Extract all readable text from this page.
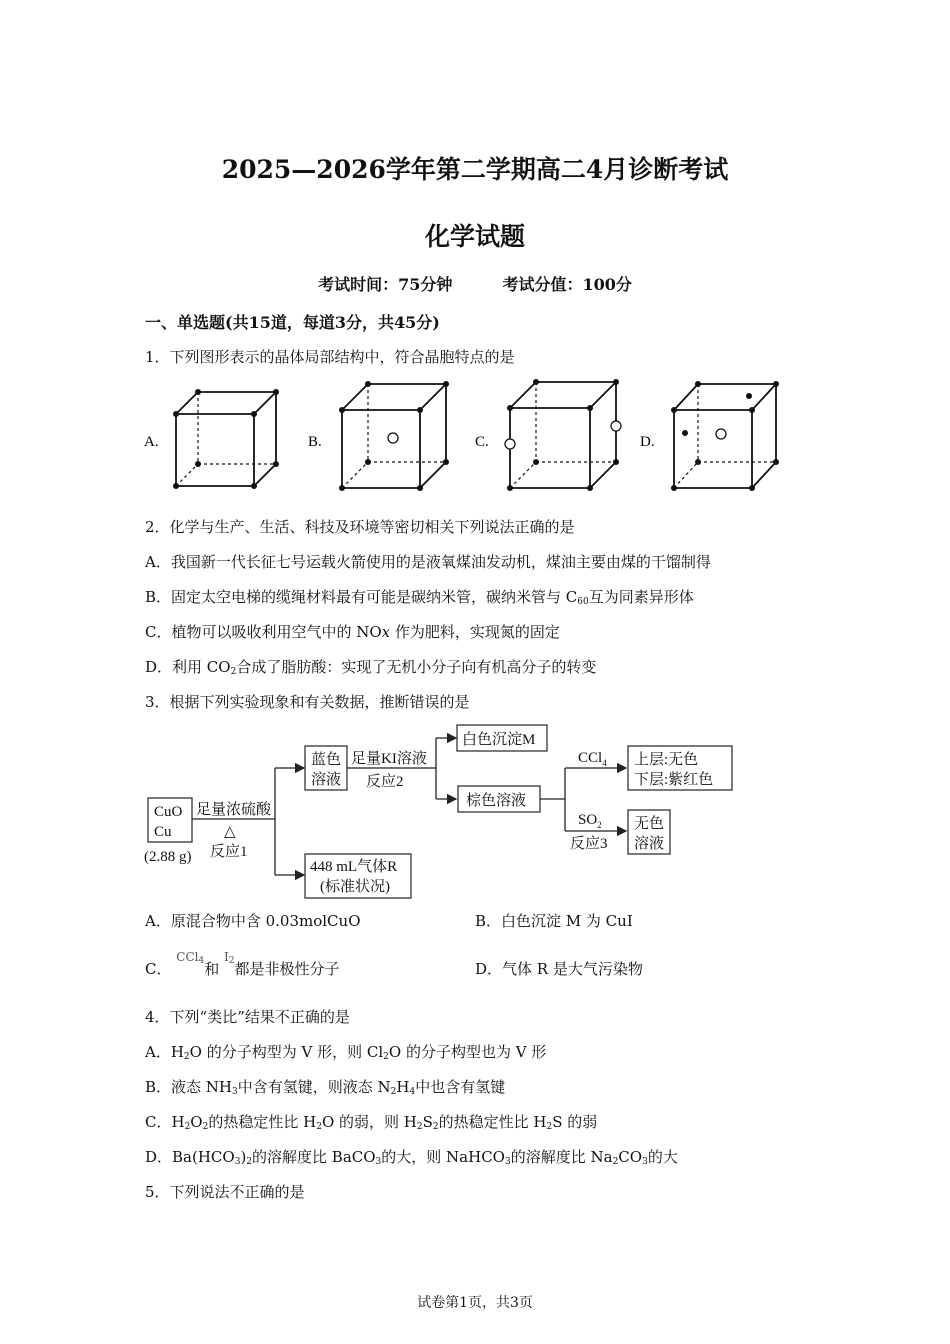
2025—2026学年第二学期高二4月诊断考试
化学试题
考试时间：75分钟	考试分值：100分
一、单选题(共15道，每道3分，共45分)
1．下列图形表示的晶体局部结构中，符合晶胞特点的是
A.	B.	C.	D.
2．化学与生产、生活、科技及环境等密切相关下列说法正确的是
A．我国新一代长征七号运载火箭使用的是液氧煤油发动机，煤油主要由煤的干馏制得
B．固定太空电梯的缆绳材料最有可能是碳纳米管，碳纳米管与 $C_{60}$互为同素异形体
C．植物可以吸收利用空气中的 NOx 作为肥料，实现氮的固定
D．利用 $CO_2$合成了脂肪酸：实现了无机小分子向有机高分子的转变
3．根据下列实验现象和有关数据，推断错误的是
CuO
Cu
(2.88 g)
足量浓硫酸
△
反应1
蓝色
溶液
足量KI溶液
反应2
白色沉淀M
棕色溶液
CCl$_4$ 上层:无色
下层:紫红色
$SO_2$
反应3
无色
溶液
448 mL气体R
(标准状况)
A．原混合物中含 0.03molCuO	B．白色沉淀 M 为 CuI
C． $^{CCl_4}$和 $^{I_2}$都是非极性分子	D．气体 R 是大气污染物
4．下列“类比”结果不正确的是
A．$H_2O$ 的分子构型为 V 形，则 $Cl_2O$ 的分子构型也为 V 形
B．液态 $NH_3$中含有氢键，则液态 $N_2H_4$中也含有氢键
C．$H_2O_2$的热稳定性比 $H_2O$ 的弱，则 $H_2S_2$的热稳定性比 $H_2S$ 的弱
D．$Ba(HCO_3)_2$的溶解度比 BaCO$_3$的大，则 NaHCO$_3$的溶解度比 $Na_2CO_3$的大
5．下列说法不正确的是
试卷第1页，共3页
